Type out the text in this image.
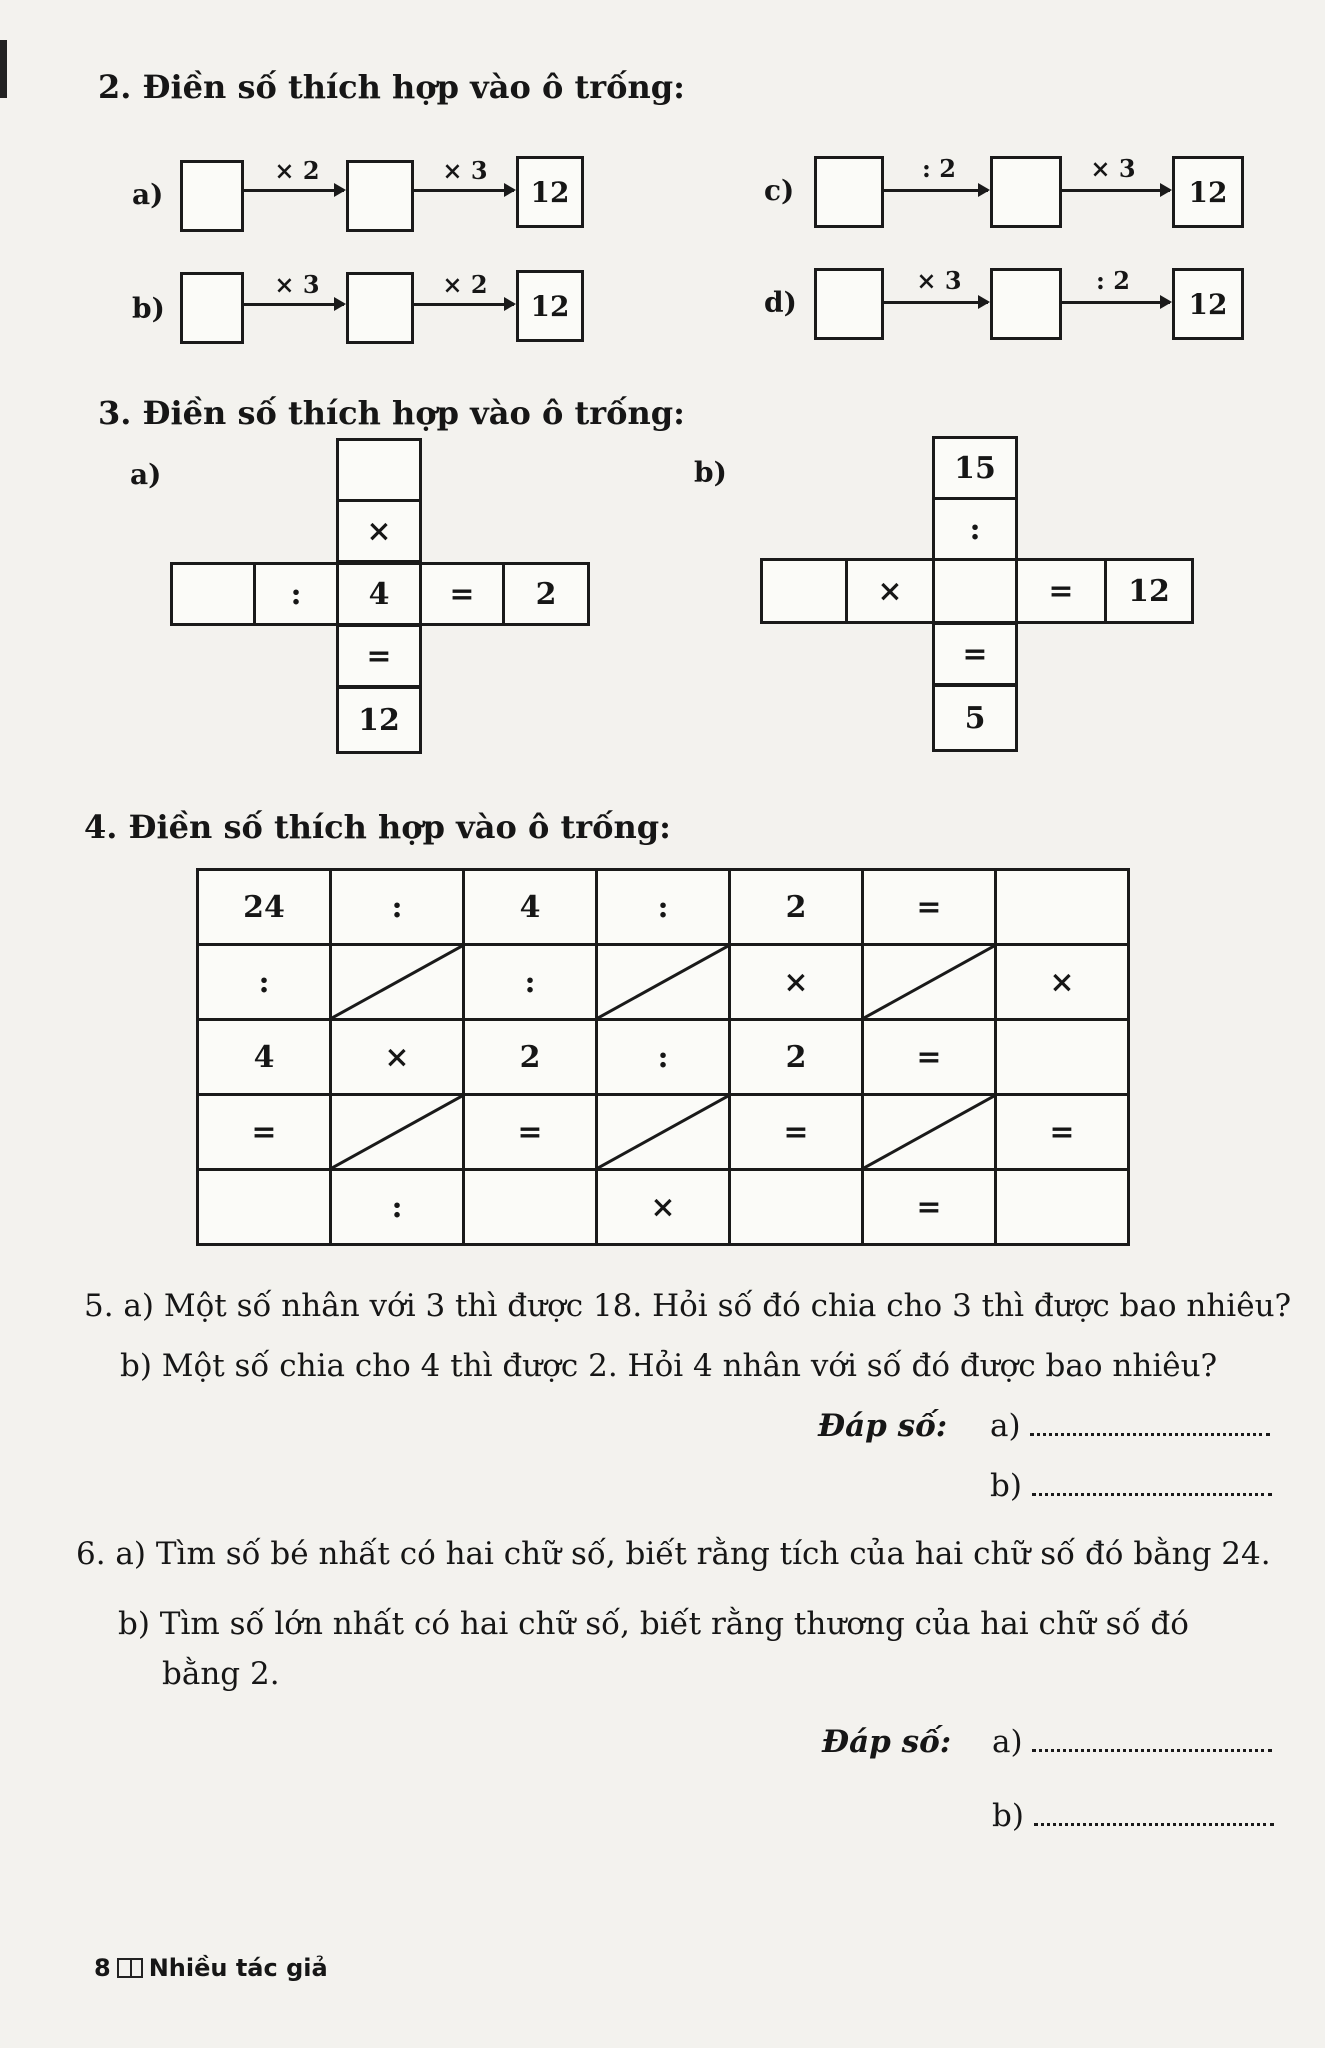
2. Điền số thích hợp vào ô trống:
a)
× 2	× 3
12
b)
× 3	× 2
12
c)
: 2	× 3
12
d)
× 3	: 2
12
3. Điền số thích hợp vào ô trống:
a)
×
:	4	=	2
=
12
b)	15
:
×	=	12
=
5
4. Điền số thích hợp vào ô trống:
24	:	4	:	2	=	
:		:		×		×
4	×	2	:	2	=	
=		=		=		=
	:		×		=	
5. a) Một số nhân với 3 thì được 18. Hỏi số đó chia cho 3 thì được bao nhiêu?
b) Một số chia cho 4 thì được 2. Hỏi 4 nhân với số đó được bao nhiêu?
Đáp số: a)
b)
6. a) Tìm số bé nhất có hai chữ số, biết rằng tích của hai chữ số đó bằng 24.
b) Tìm số lớn nhất có hai chữ số, biết rằng thương của hai chữ số đó
bằng 2.
Đáp số: a)
b)
8 Nhiều tác giả
